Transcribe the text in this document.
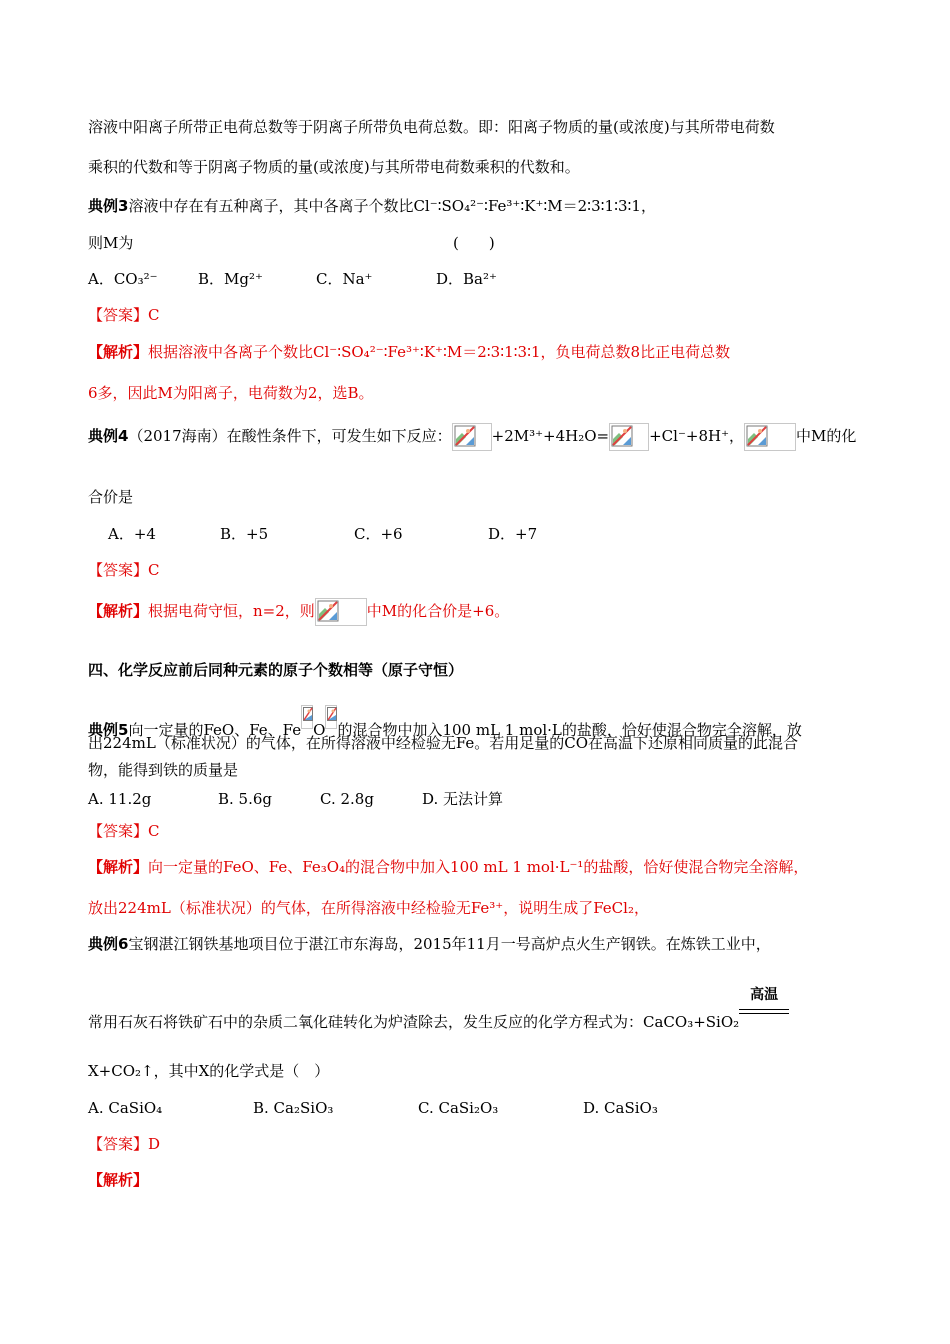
溶液中阳离子所带正电荷总数等于阴离子所带负电荷总数。即：阳离子物质的量(或浓度)与其所带电荷数
乘积的代数和等于阴离子物质的量(或浓度)与其所带电荷数乘积的代数和。
典例3溶液中存在有五种离子，其中各离子个数比Cl⁻∶SO₄²⁻∶Fe³⁺∶K⁺∶M＝2∶3∶1∶3∶1，
则M为	(　　)
A．CO₃²⁻	B．Mg²⁺	C．Na⁺	D．Ba²⁺
【答案】C
【解析】根据溶液中各离子个数比Cl⁻∶SO₄²⁻∶Fe³⁺∶K⁺∶M＝2∶3∶1∶3∶1，负电荷总数8比正电荷总数
6多，因此M为阳离子，电荷数为2，选B。
典例4（2017海南）在酸性条件下，可发生如下反应：	+2M³⁺+4H₂O=	+Cl⁻+8H⁺，	中M的化
合价是
A．+4	B．+5	C．+6	D．+7
【答案】C
【解析】根据电荷守恒，n=2，则	中M的化合价是+6。
四、化学反应前后同种元素的原子个数相等（原子守恒）
典例5向一定量的FeO、Fe、Fe O 的混合物中加入100 mL 1 mol·L的盐酸，恰好使混合物完全溶解，放
出224mL（标准状况）的气体，在所得溶液中经检验无Fe。若用足量的CO在高温下还原相同质量的此混合
物，能得到铁的质量是
A. 11.2g	B. 5.6g	C. 2.8g	D. 无法计算
【答案】C
【解析】向一定量的FeO、Fe、Fe₃O₄的混合物中加入100 mL 1 mol·L⁻¹的盐酸，恰好使混合物完全溶解，
放出224mL（标准状况）的气体，在所得溶液中经检验无Fe³⁺，说明生成了FeCl₂，
典例6宝钢湛江钢铁基地项目位于湛江市东海岛，2015年11月一号高炉点火生产钢铁。在炼铁工业中，
常用石灰石将铁矿石中的杂质二氧化硅转化为炉渣除去，发生反应的化学方程式为：CaCO₃+SiO₂
高温
X+CO₂↑，其中X的化学式是（　）
A. CaSiO₄	B. Ca₂SiO₃	C. CaSi₂O₃	D. CaSiO₃
【答案】D
【解析】
